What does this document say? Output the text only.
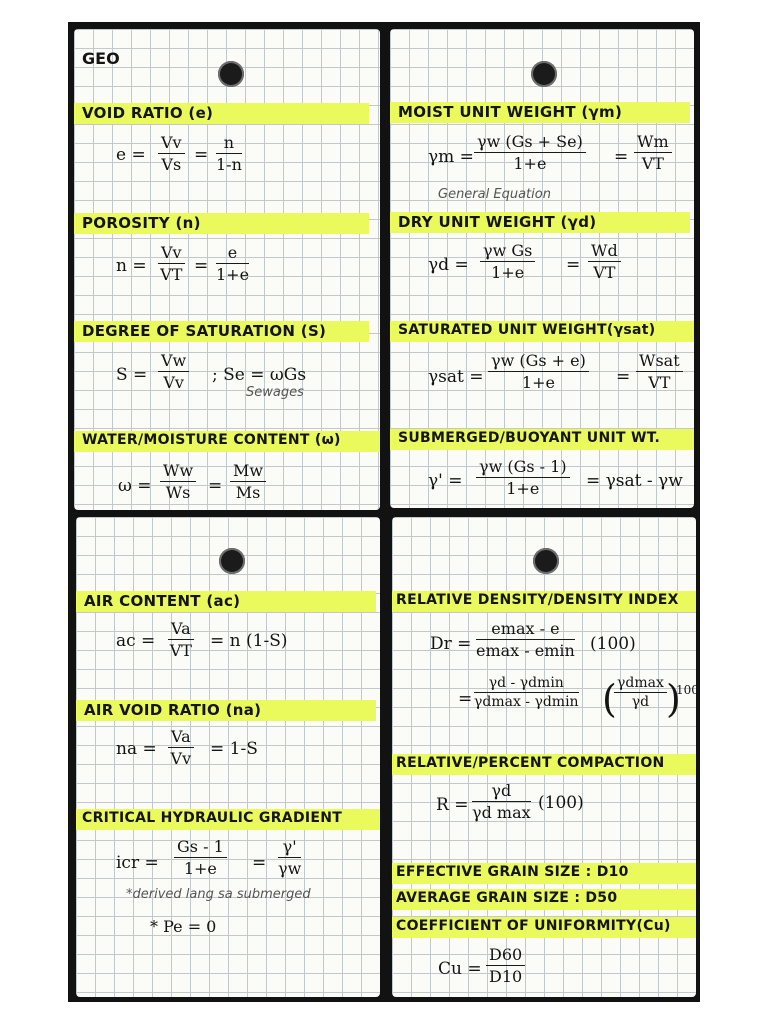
GEO
VOID RATIO (e)
$e = \frac{Vv}{Vs} = \frac{n}{1-n}$
POROSITY (n)
$n = \frac{Vv}{VT} = \frac{e}{1+e}$
DEGREE OF SATURATION (S)
$S = \frac{Vw}{Vv}$ ; Se = ωGs
Sewages
WATER/MOISTURE CONTENT (ω)
$\omega = \frac{Ww}{Ws} = \frac{Mw}{Ms}$
MOIST UNIT WEIGHT (γm)
$\gamma m = \frac{\gamma w (Gs + Se)}{1+e} = \frac{Wm}{VT}$
General Equation
DRY UNIT WEIGHT (γd)
$\gamma d = \frac{\text{γw Gs}}{1+e} = \frac{Wd}{VT}$
SATURATED UNIT WEIGHT(γsat)
$\gamma sat = \frac{\gamma w (Gs + e)}{1+e}$ =
Wsat
VT
SUBMERGED/BUOYANT UNIT WT.
$\gamma' = \frac{\gamma w (Gs - 1)}{1+e} = \gamma sat - \gamma w$
AIR CONTENT (ac)
ac = $\frac{Va}{VT} = n$ (1-S)
AIR VOID RATIO (na)
na = $\frac{Va}{Vv} = 1-S$
CRITICAL HYDRAULIC GRADIENT
icr = $\frac{Gs - 1}{1+e} = \frac{\gamma'}{\gamma w}$
*derived lang sa submerged
* Pe = 0
RELATIVE DENSITY/DENSITY INDEX
Dr =
emax - e
emax - emin (100)
=
γd - γdmin
γdmax - γdmin ( γdmax
γd )
100
RELATIVE/PERCENT COMPACTION
R =
γd
γd max (100)
EFFECTIVE GRAIN SIZE : D10
AVERAGE GRAIN SIZE : D50
COEFFICIENT OF UNIFORMITY(Cu)
$Cu = \frac{D60}{D10}$
